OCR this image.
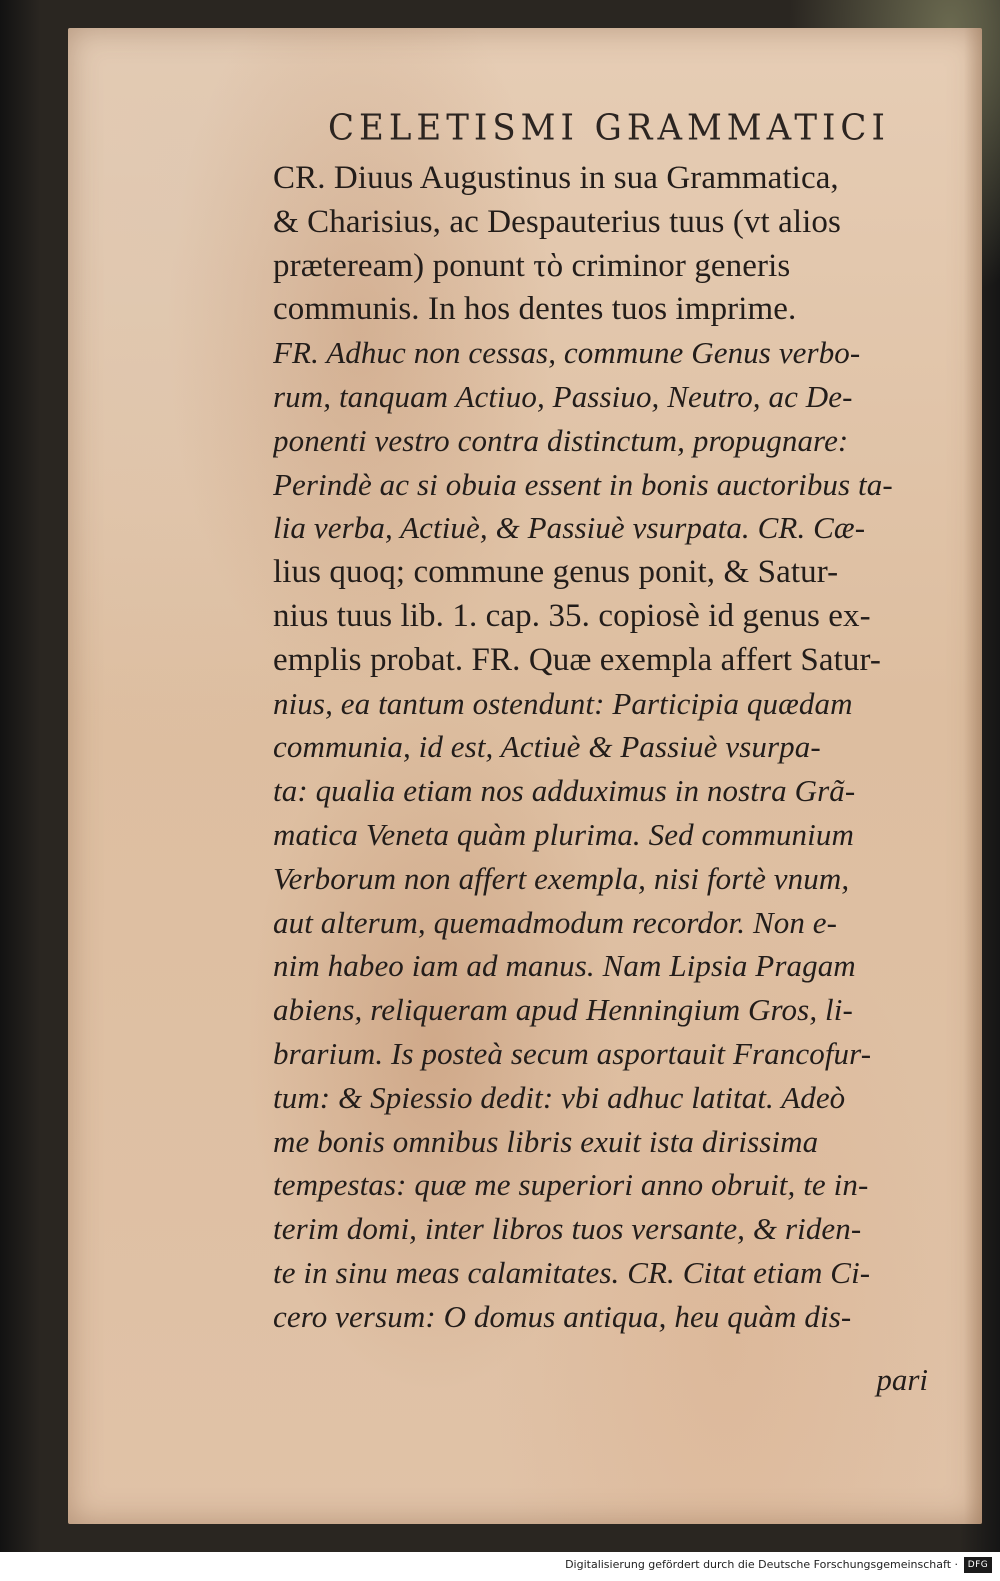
CELETISMI GRAMMATICI
CR. Diuus Augustinus in sua Grammatica,
& Charisius, ac Despauterius tuus (vt alios
præteream) ponunt τὸ criminor generis
communis. In hos dentes tuos imprime.
FR. Adhuc non cessas, commune Genus verbo-
rum, tanquam Actiuo, Passiuo, Neutro, ac De-
ponenti vestro contra distinctum, propugnare:
Perindè ac si obuia essent in bonis auctoribus ta-
lia verba, Actiuè, & Passiuè vsurpata. CR. Cæ-
lius quoq; commune genus ponit, & Satur-
nius tuus lib. 1. cap. 35. copiosè id genus ex-
emplis probat. FR. Quæ exempla affert Satur-
nius, ea tantum ostendunt: Participia quædam
communia, id est, Actiuè & Passiuè vsurpa-
ta: qualia etiam nos adduximus in nostra Grã-
matica Veneta quàm plurima. Sed communium
Verborum non affert exempla, nisi fortè vnum,
aut alterum, quemadmodum recordor. Non e-
nim habeo iam ad manus. Nam Lipsia Pragam
abiens, reliqueram apud Henningium Gros, li-
brarium. Is posteà secum asportauit Francofur-
tum: & Spiessio dedit: vbi adhuc latitat. Adeò
me bonis omnibus libris exuit ista dirissima
tempestas: quæ me superiori anno obruit, te in-
terim domi, inter libros tuos versante, & riden-
te in sinu meas calamitates. CR. Citat etiam Ci-
cero versum: O domus antiqua, heu quàm dis-
pari
Digitalisierung gefördert durch die Deutsche Forschungsgemeinschaft ·	DFG
